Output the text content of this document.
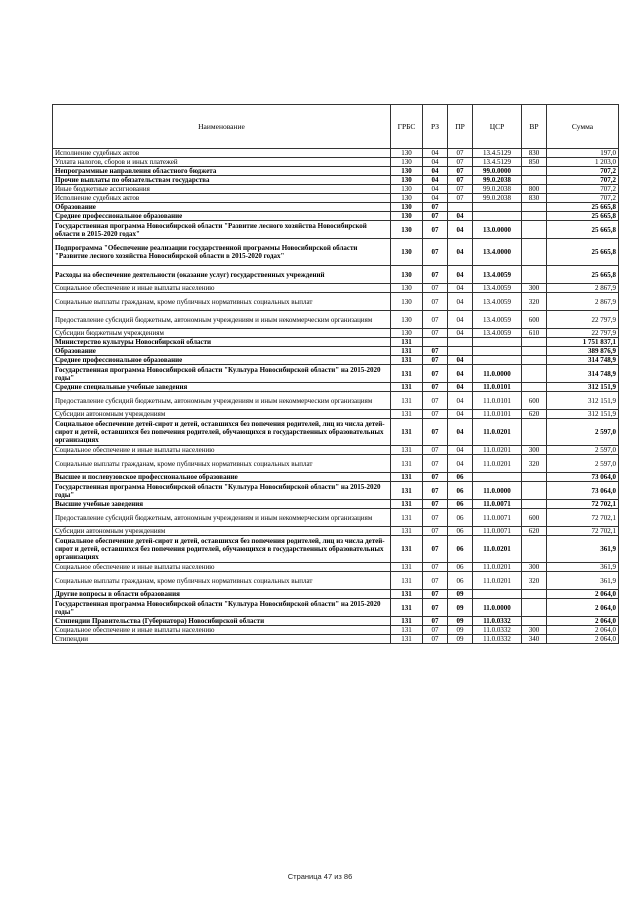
Наименование	ГРБС	РЗ	ПР	ЦСР	ВР	Сумма
Исполнение судебных актов	130	04	07	13.4.5129	830	197,0
Уплата налогов, сборов и иных платежей	130	04	07	13.4.5129	850	1 203,0
Непрограммные направления областного бюджета	130	04	07	99.0.0000		707,2
Прочие выплаты по обязательствам государства	130	04	07	99.0.2038		707,2
Иные бюджетные ассигнования	130	04	07	99.0.2038	800	707,2
Исполнение судебных актов	130	04	07	99.0.2038	830	707,2
Образование	130	07				25 665,8
Среднее профессиональное образование	130	07	04			25 665,8
Государственная программа Новосибирской области "Развитие лесного хозяйства Новосибирской области в 2015-2020 годах"	130	07	04	13.0.0000		25 665,8
Подпрограмма "Обеспечение реализации государственной программы Новосибирской области "Развитие лесного хозяйства Новосибирской области в 2015-2020 годах"	130	07	04	13.4.0000		25 665,8
Расходы на обеспечение деятельности (оказание услуг) государственных учреждений	130	07	04	13.4.0059		25 665,8
Социальное обеспечение и иные выплаты населению	130	07	04	13.4.0059	300	2 867,9
Социальные выплаты гражданам, кроме публичных нормативных социальных выплат	130	07	04	13.4.0059	320	2 867,9
Предоставление субсидий бюджетным, автономным учреждениям и иным некоммерческим организациям	130	07	04	13.4.0059	600	22 797,9
Субсидии бюджетным учреждениям	130	07	04	13.4.0059	610	22 797,9
Министерство культуры Новосибирской области	131					1 751 837,1
Образование	131	07				389 876,9
Среднее профессиональное образование	131	07	04			314 748,9
Государственная программа Новосибирской области "Культура Новосибирской области" на 2015-2020 годы"	131	07	04	11.0.0000		314 748,9
Средние специальные учебные заведения	131	07	04	11.0.0101		312 151,9
Предоставление субсидий бюджетным, автономным учреждениям и иным некоммерческим организациям	131	07	04	11.0.0101	600	312 151,9
Субсидии автономным учреждениям	131	07	04	11.0.0101	620	312 151,9
Социальное обеспечение детей-сирот и детей, оставшихся без попечения родителей, лиц из числа детей-сирот и детей, оставшихся без попечения родителей, обучающихся в государственных образовательных организациях	131	07	04	11.0.0201		2 597,0
Социальное обеспечение и иные выплаты населению	131	07	04	11.0.0201	300	2 597,0
Социальные выплаты гражданам, кроме публичных нормативных социальных выплат	131	07	04	11.0.0201	320	2 597,0
Высшее и послевузовское профессиональное образование	131	07	06			73 064,0
Государственная программа Новосибирской области "Культура Новосибирской области" на 2015-2020 годы"	131	07	06	11.0.0000		73 064,0
Высшие учебные заведения	131	07	06	11.0.0071		72 702,1
Предоставление субсидий бюджетным, автономным учреждениям и иным некоммерческим организациям	131	07	06	11.0.0071	600	72 702,1
Субсидии автономным учреждениям	131	07	06	11.0.0071	620	72 702,1
Социальное обеспечение детей-сирот и детей, оставшихся без попечения родителей, лиц из числа детей-сирот и детей, оставшихся без попечения родителей, обучающихся в государственных образовательных организациях	131	07	06	11.0.0201		361,9
Социальное обеспечение и иные выплаты населению	131	07	06	11.0.0201	300	361,9
Социальные выплаты гражданам, кроме публичных нормативных социальных выплат	131	07	06	11.0.0201	320	361,9
Другие вопросы в области образования	131	07	09			2 064,0
Государственная программа Новосибирской области "Культура Новосибирской области" на 2015-2020 годы"	131	07	09	11.0.0000		2 064,0
Стипендии Правительства (Губернатора) Новосибирской области	131	07	09	11.0.0332		2 064,0
Социальное обеспечение и иные выплаты населению	131	07	09	11.0.0332	300	2 064,0
Стипендии	131	07	09	11.0.0332	340	2 064,0
Страница 47 из 86
